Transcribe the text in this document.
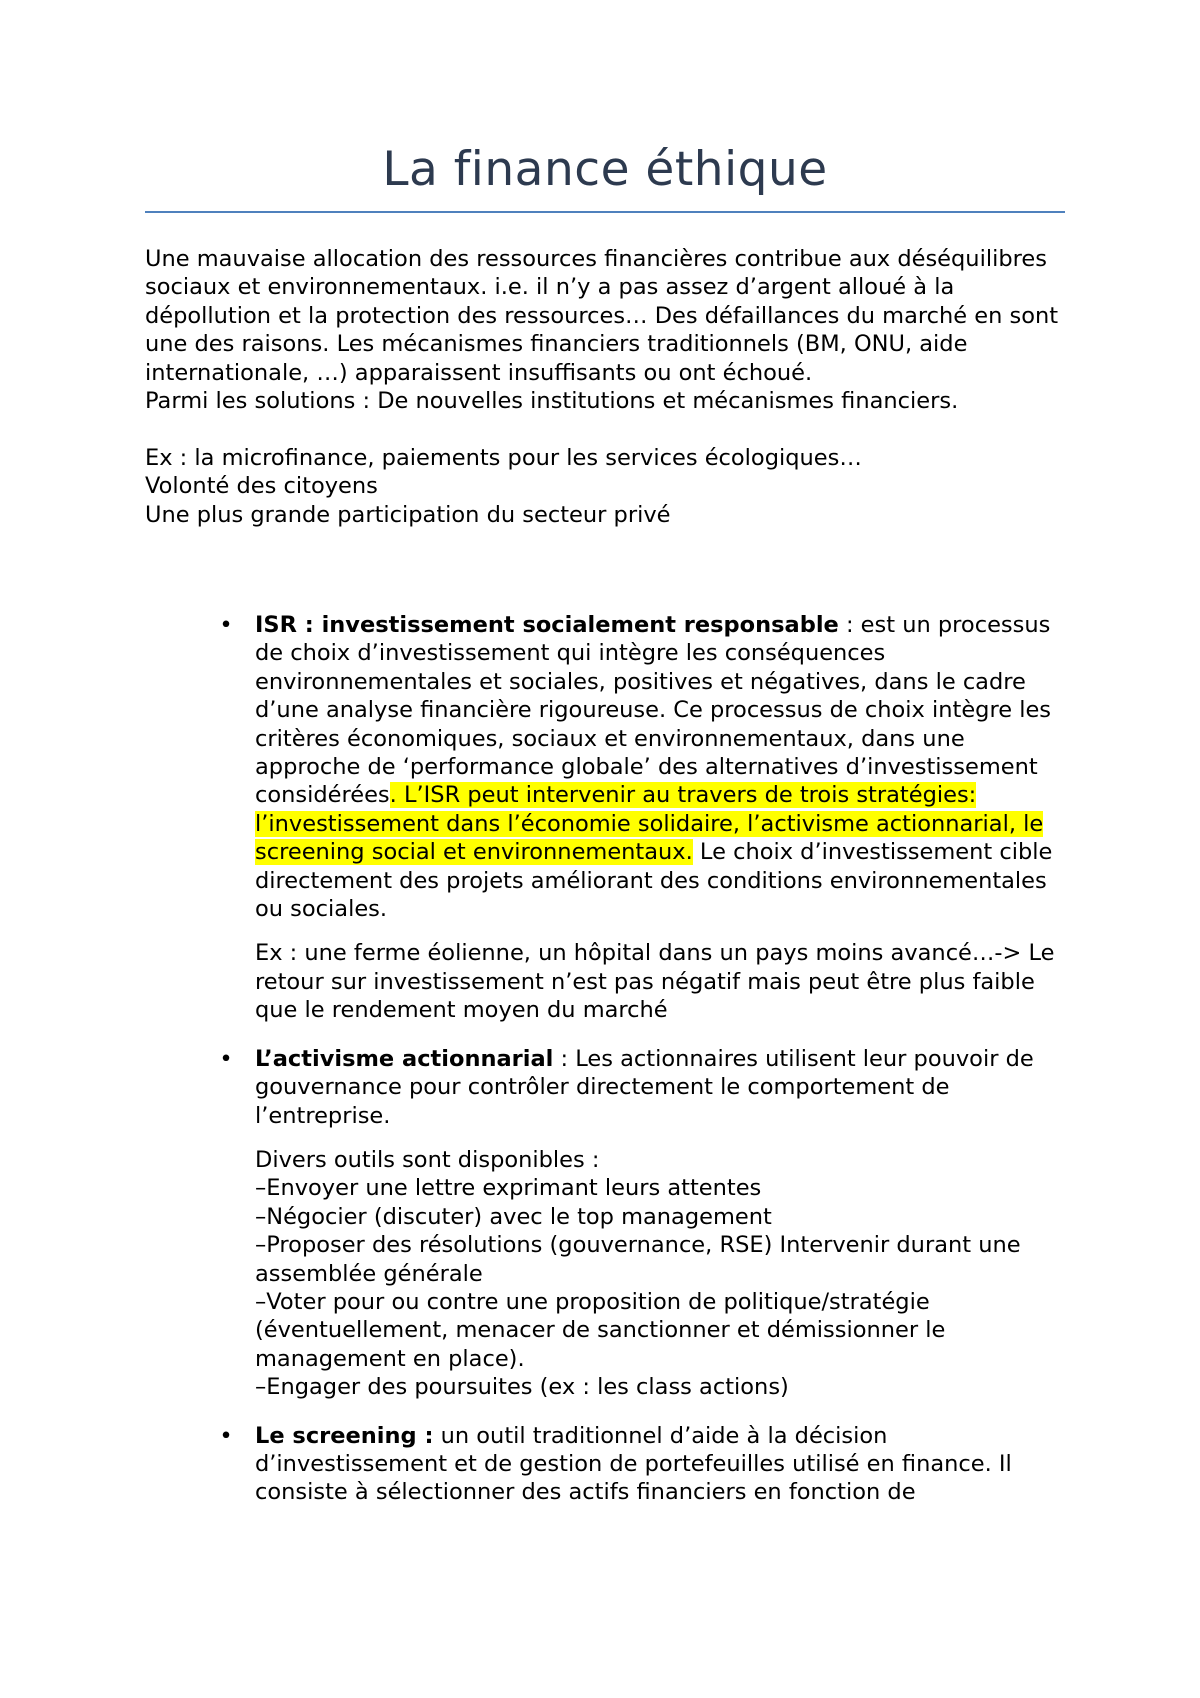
La finance éthique

Une mauvaise allocation des ressources financières contribue aux déséquilibres sociaux et environnementaux. i.e. il n’y a pas assez d’argent alloué à la dépollution et la protection des ressources… Des défaillances du marché en sont une des raisons. Les mécanismes financiers traditionnels (BM, ONU, aide internationale, …) apparaissent insuffisants ou ont échoué.

Parmi les solutions : De nouvelles institutions et mécanismes financiers.

Ex : la microfinance, paiements pour les services écologiques…

Volonté des citoyens

Une plus grande participation du secteur privé

• ISR : investissement socialement responsable : est un processus de choix d’investissement qui intègre les conséquences environnementales et sociales, positives et négatives, dans le cadre d’une analyse financière rigoureuse. Ce processus de choix intègre les critères économiques, sociaux et environnementaux, dans une approche de ‘performance globale’ des alternatives d’investissement considérées. L’ISR peut intervenir au travers de trois stratégies: l’investissement dans l’économie solidaire, l’activisme actionnarial, le screening social et environnementaux. Le choix d’investissement cible directement des projets améliorant des conditions environnementales ou sociales.

Ex : une ferme éolienne, un hôpital dans un pays moins avancé…-> Le retour sur investissement n’est pas négatif mais peut être plus faible que le rendement moyen du marché

• L’activisme actionnarial : Les actionnaires utilisent leur pouvoir de gouvernance pour contrôler directement le comportement de l’entreprise.

Divers outils sont disponibles :
–Envoyer une lettre exprimant leurs attentes
–Négocier (discuter) avec le top management
–Proposer des résolutions (gouvernance, RSE) Intervenir durant une assemblée générale
–Voter pour ou contre une proposition de politique/stratégie (éventuellement, menacer de sanctionner et démissionner le management en place).
–Engager des poursuites (ex : les class actions)

• Le screening : un outil traditionnel d’aide à la décision d’investissement et de gestion de portefeuilles utilisé en finance. Il consiste à sélectionner des actifs financiers en fonction de
